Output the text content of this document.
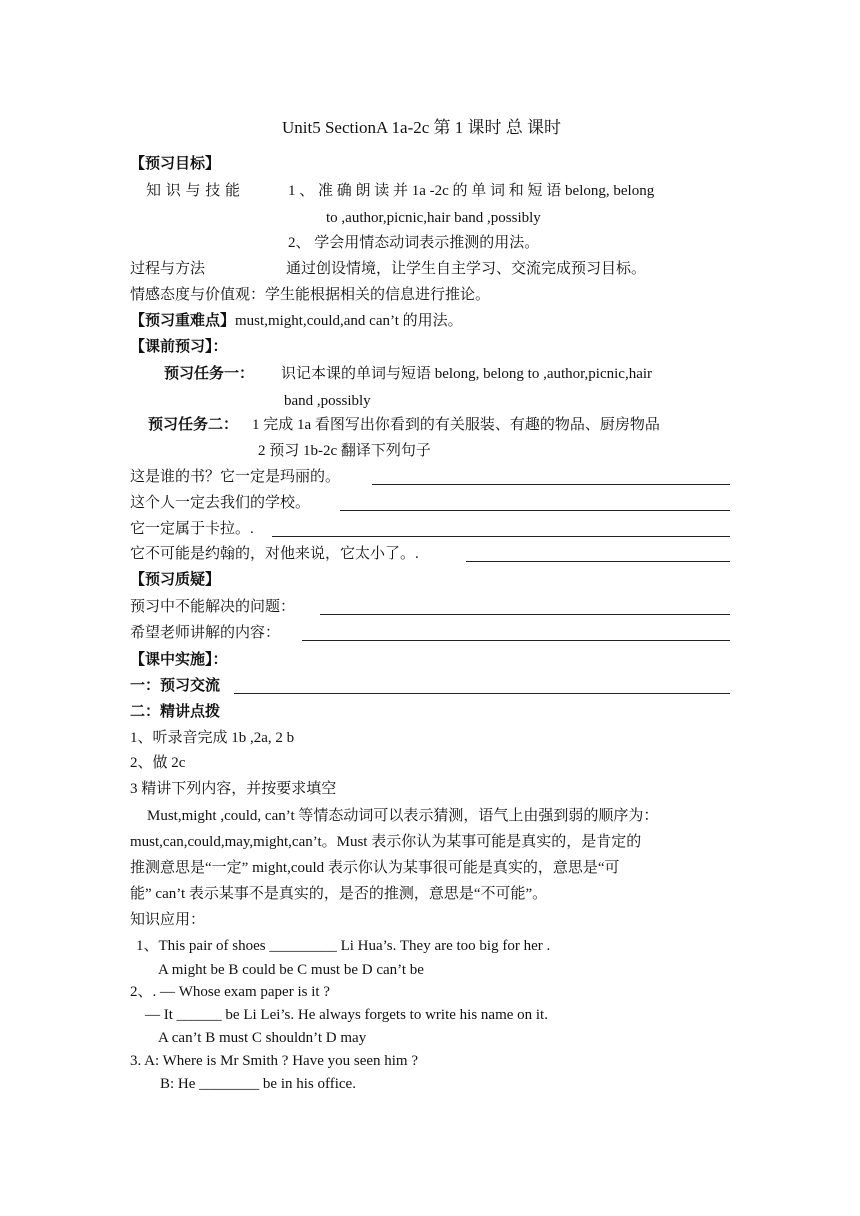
Unit5 SectionA 1a-2c 第 1 课时 总 课时
【预习目标】
知 识 与 技 能	1 、 准 确 朗 读 并 1a -2c 的 单 词 和 短 语 belong, belong
to ,author,picnic,hair band ,possibly
2、 学会用情态动词表示推测的用法。
过程与方法	通过创设情境，让学生自主学习、交流完成预习目标。
情感态度与价值观：学生能根据相关的信息进行推论。
【预习重难点】must,might,could,and can’t 的用法。
【课前预习】：
预习任务一： 识记本课的单词与短语 belong, belong to ,author,picnic,hair
band ,possibly
预习任务二： 1 完成 1a 看图写出你看到的有关服装、有趣的物品、厨房物品
2 预习 1b-2c 翻译下列句子
这是谁的书？它一定是玛丽的。
这个人一定去我们的学校。
它一定属于卡拉。.
它不可能是约翰的，对他来说，它太小了。.
【预习质疑】
预习中不能解决的问题：
希望老师讲解的内容：
【课中实施】：
一：预习交流
二：精讲点拨
1、听录音完成 1b ,2a, 2 b
2、做 2c
3 精讲下列内容，并按要求填空
Must,might ,could, can’t 等情态动词可以表示猜测，语气上由强到弱的顺序为：
must,can,could,may,might,can’t。Must 表示你认为某事可能是真实的，是肯定的
推测意思是“一定” might,could 表示你认为某事很可能是真实的，意思是“可
能” can’t 表示某事不是真实的，是否的推测，意思是“不可能”。
知识应用：
1、This pair of shoes _________ Li Hua’s. They are too big for her .
A might be B could be C must be D can’t be
2、. — Whose exam paper is it ?
— It ______ be Li Lei’s. He always forgets to write his name on it.
A can’t B must C shouldn’t D may
3. A: Where is Mr Smith ? Have you seen him ?
B: He ________ be in his office.
